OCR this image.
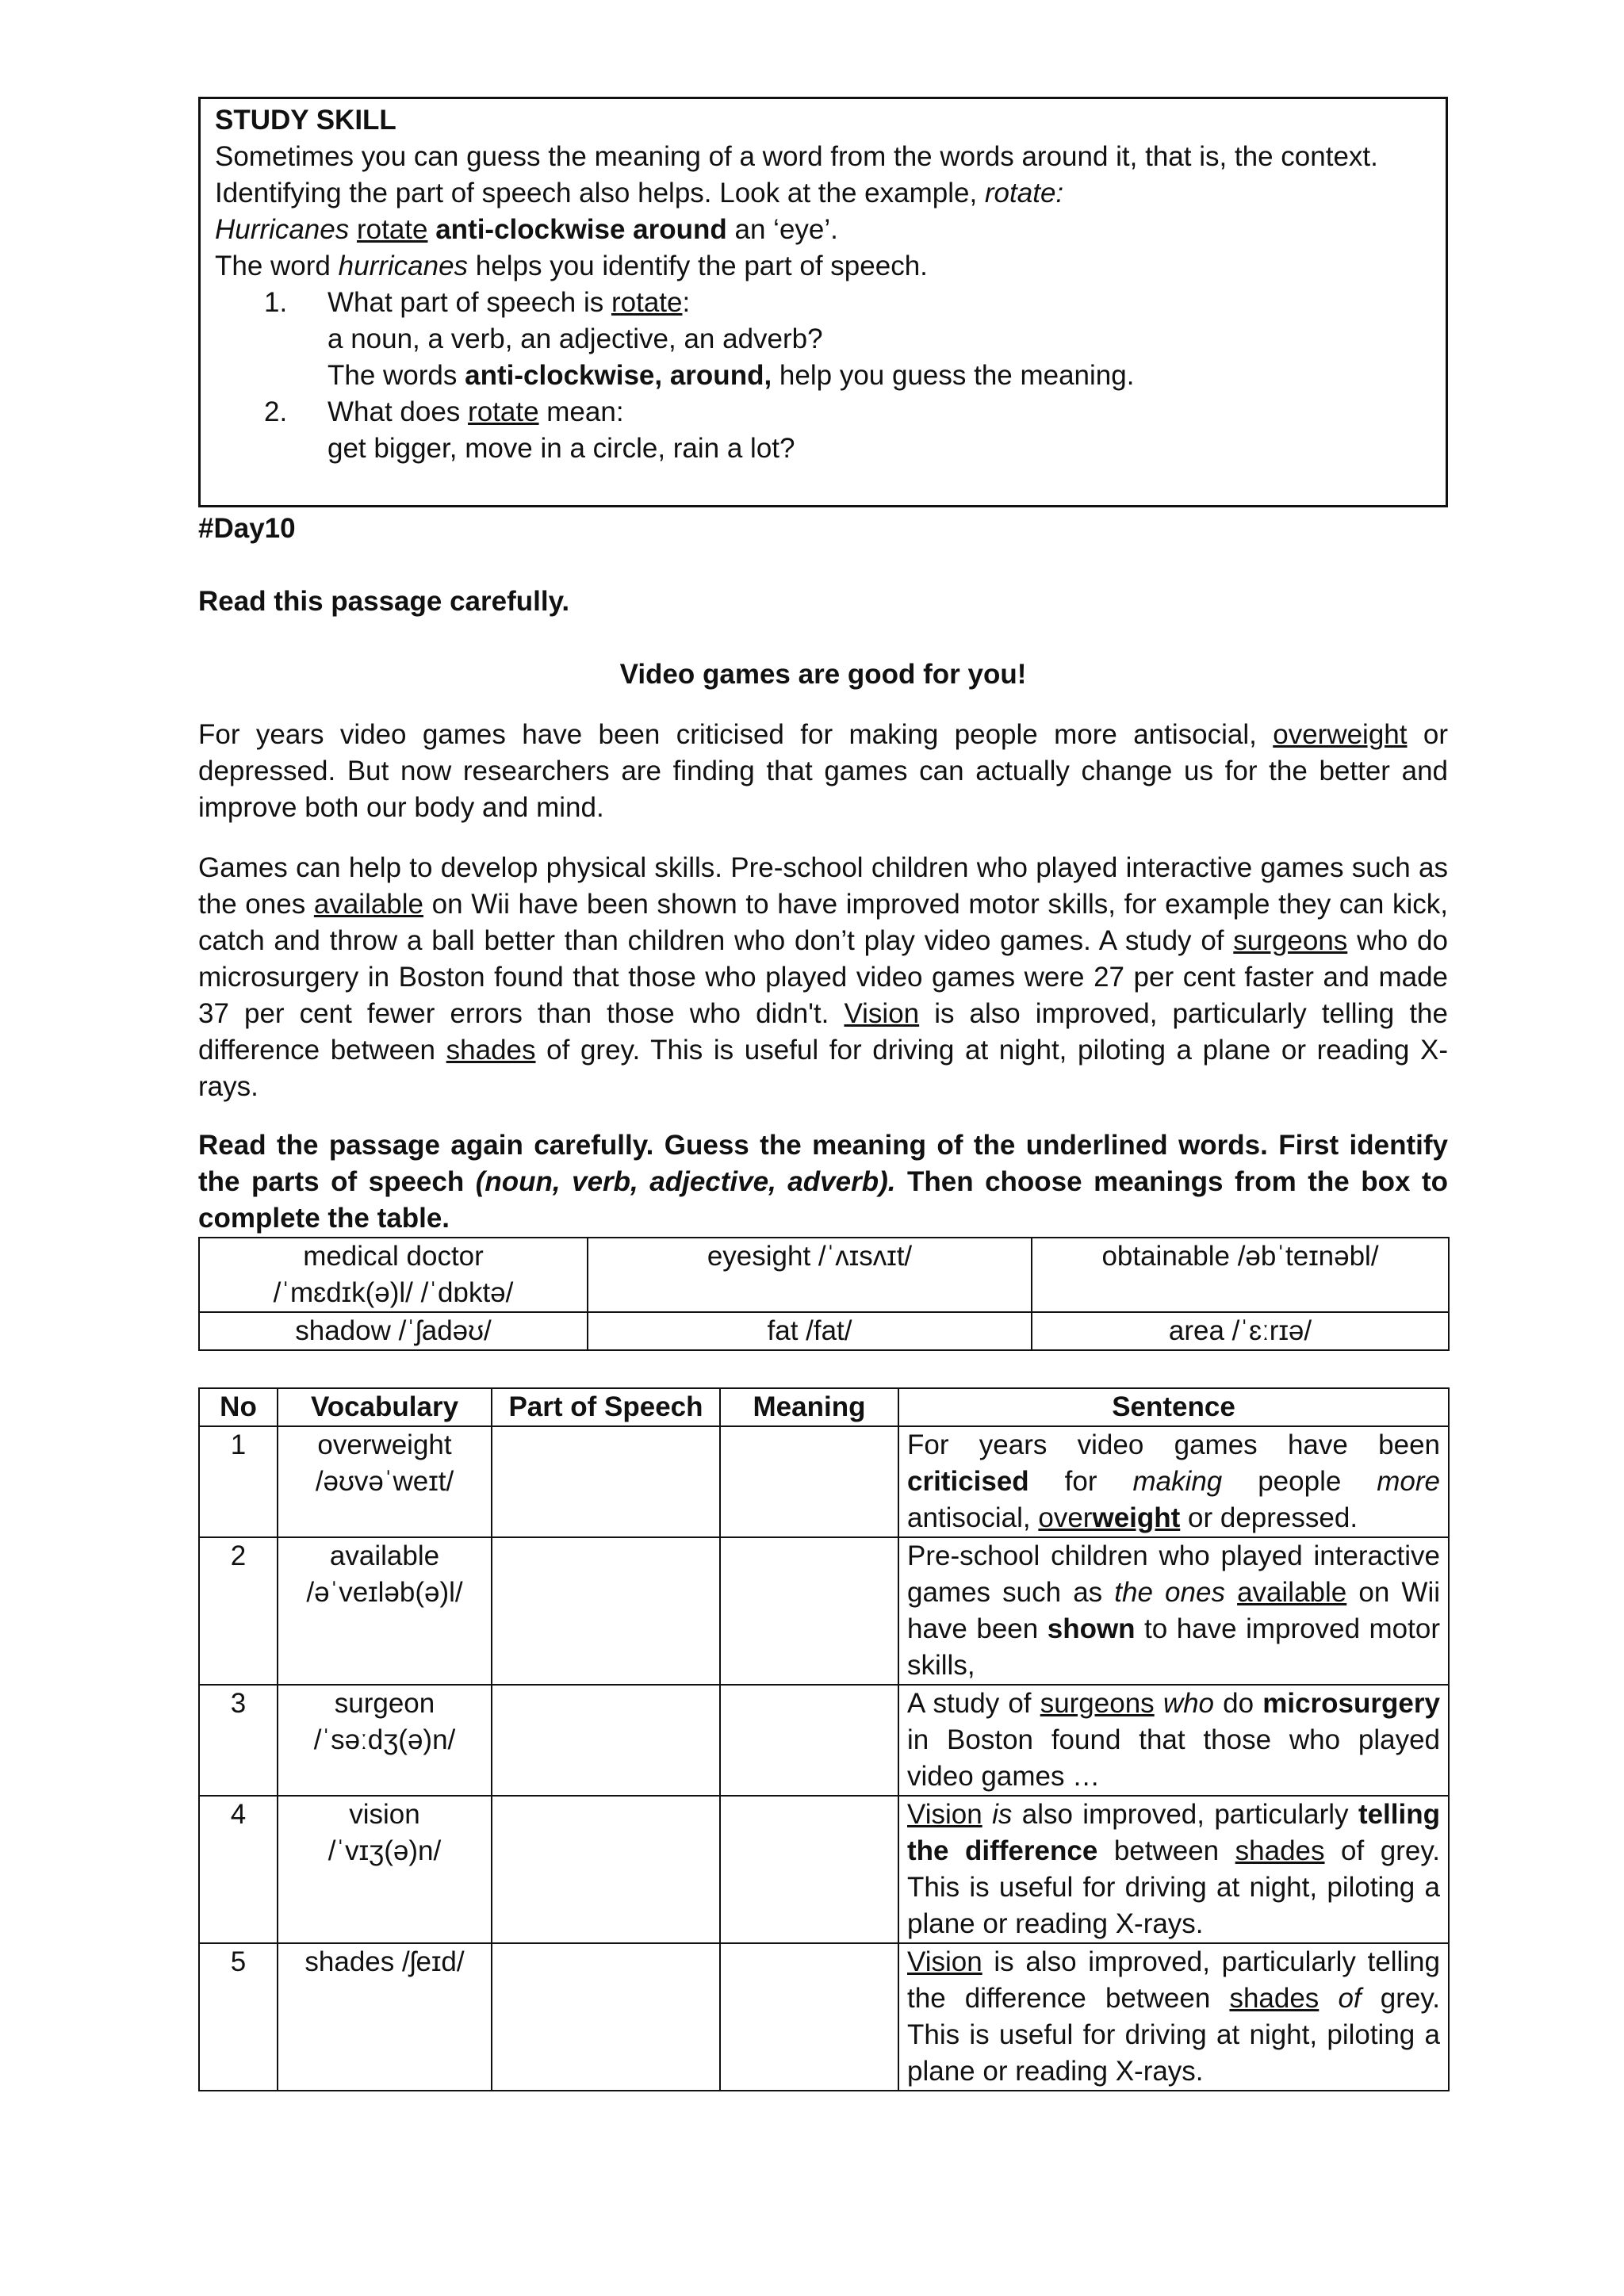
STUDY SKILL

Sometimes you can guess the meaning of a word from the words around it, that is, the context.

Identifying the part of speech also helps. Look at the example, rotate:

Hurricanes rotate anti-clockwise around an ‘eye’.

The word hurricanes helps you identify the part of speech.

1. What part of speech is rotate:
a noun, a verb, an adjective, an adverb?
The words anti-clockwise, around, help you guess the meaning.
2. What does rotate mean:
get bigger, move in a circle, rain a lot?

#Day10

Read this passage carefully.

Video games are good for you!

For years video games have been criticised for making people more antisocial, overweight or depressed. But now researchers are finding that games can actually change us for the better and improve both our body and mind.

Games can help to develop physical skills. Pre-school children who played interactive games such as the ones available on Wii have been shown to have improved motor skills, for example they can kick, catch and throw a ball better than children who don’t play video games. A study of surgeons who do microsurgery in Boston found that those who played video games were 27 per cent faster and made 37 per cent fewer errors than those who didn't. Vision is also improved, particularly telling the difference between shades of grey. This is useful for driving at night, piloting a plane or reading X-rays.

Read the passage again carefully. Guess the meaning of the underlined words. First identify the parts of speech (noun, verb, adjective, adverb). Then choose meanings from the box to complete the table.

medical doctor
/ˈmɛdɪk(ə)l/ /ˈdɒktə/	eyesight /ˈʌɪsʌɪt/	obtainable /əbˈteɪnəbl/
shadow /ˈʃadəʊ/	fat /fat/	area /ˈɛːrɪə/
No	Vocabulary	Part of Speech	Meaning	Sentence
1	overweight
/əʊvəˈweɪt/			For years video games have been criticised for making people more antisocial, overweight or depressed.
2	available
/əˈveɪləb(ə)l/			Pre-school children who played interactive games such as the ones available on Wii have been shown to have improved motor skills,
3	surgeon
/ˈsəːdʒ(ə)n/			A study of surgeons who do microsurgery in Boston found that those who played video games …
4	vision
/ˈvɪʒ(ə)n/			Vision is also improved, particularly telling the difference between shades of grey. This is useful for driving at night, piloting a plane or reading X-rays.
5	shades /ʃeɪd/			Vision is also improved, particularly telling the difference between shades of grey. This is useful for driving at night, piloting a plane or reading X-rays.
